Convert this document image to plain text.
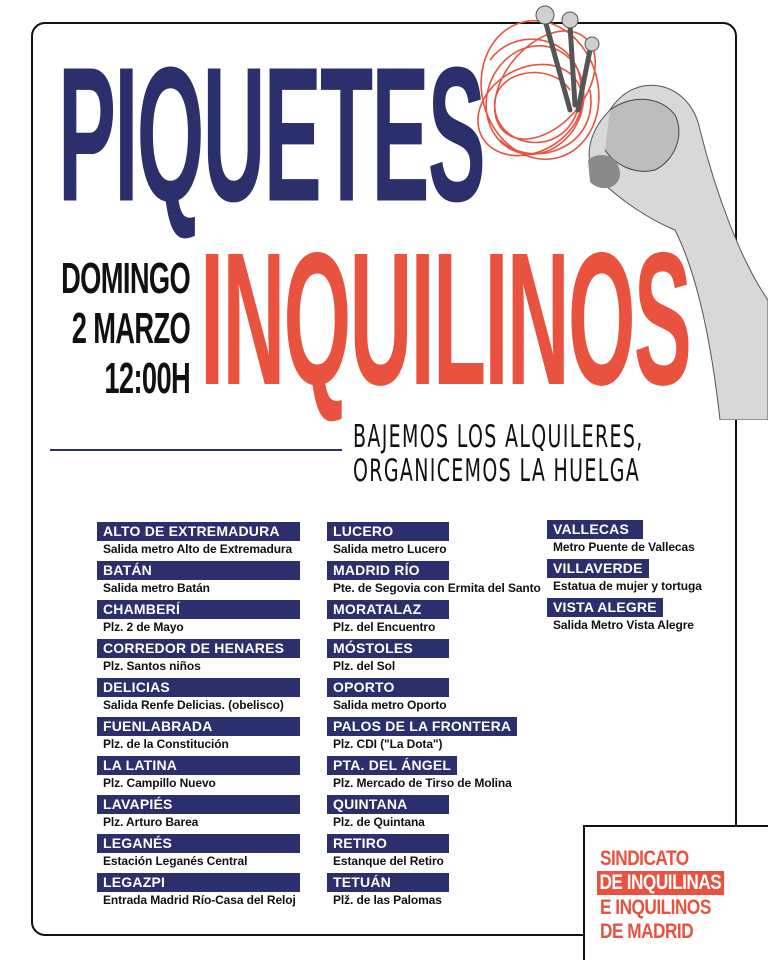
PIQUETES
INQUILINOS
DOMINGO
2 MARZO
12:00H
BAJEMOS LOS ALQUILERES,
ORGANICEMOS LA HUELGA
ALTO DE EXTREMADURA
Salida metro Alto de Extremadura
BATÁN
Salida metro Batán
CHAMBERÍ
Plz. 2 de Mayo
CORREDOR DE HENARES
Plz. Santos niños
DELICIAS
Salida Renfe Delicias. (obelisco)
FUENLABRADA
Plz. de la Constitución
LA LATINA
Plz. Campillo Nuevo
LAVAPIÉS
Plz. Arturo Barea
LEGANÉS
Estación Leganés Central
LEGAZPI
Entrada Madrid Río-Casa del Reloj
LUCERO
Salida metro Lucero
MADRID RÍO
Pte. de Segovia con Ermita del Santo
MORATALAZ
Plz. del Encuentro
MÓSTOLES
Plz. del Sol
OPORTO
Salida metro Oporto
PALOS DE LA FRONTERA
Plz. CDI ("La Dota")
PTA. DEL ÁNGEL
Plz. Mercado de Tirso de Molina
QUINTANA
Plz. de Quintana
RETIRO
Estanque del Retiro
TETUÁN
Plž. de las Palomas
VALLECAS
Metro Puente de Vallecas
VILLAVERDE
Estatua de mujer y tortuga
VISTA ALEGRE
Salida Metro Vista Alegre
SINDICATO
DE INQUILINAS
E INQUILINOS
DE MADRID
